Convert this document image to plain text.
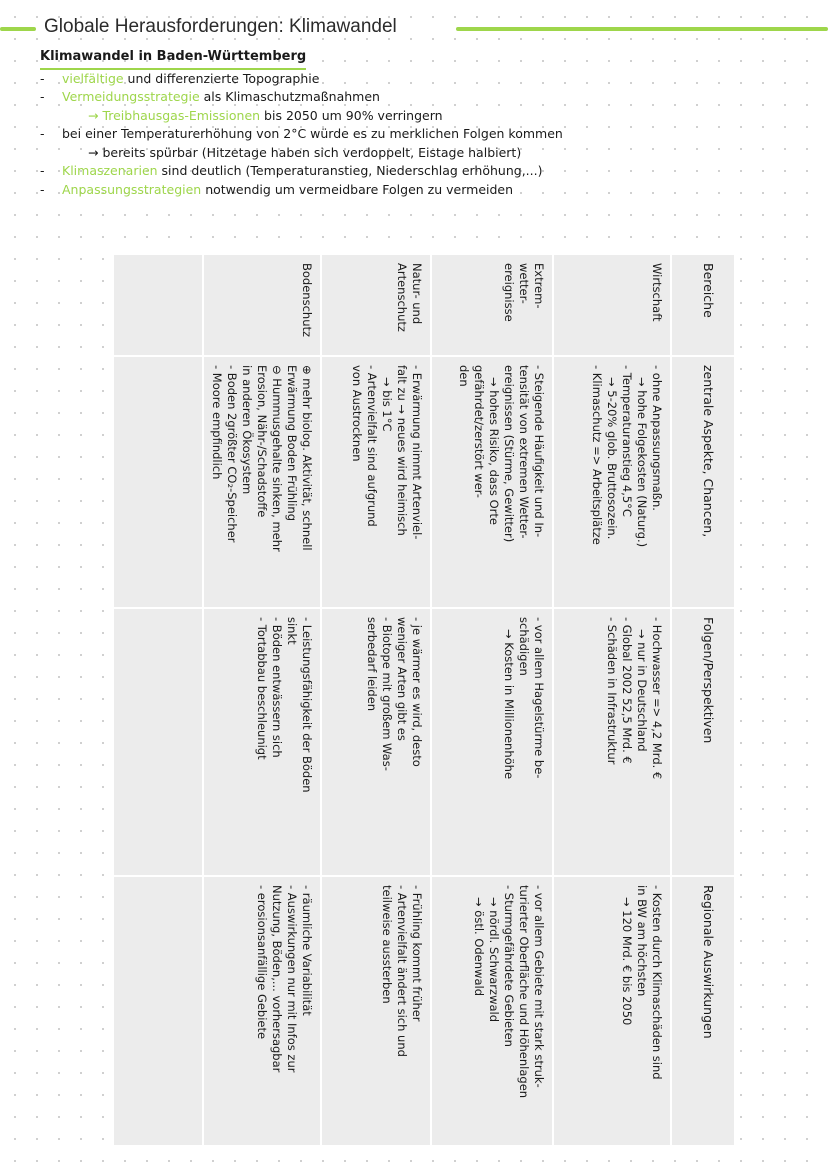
Globale Herausforderungen: Klimawandel
Klimawandel in Baden-Württemberg
- vielfältige und differenzierte Topographie
- Vermeidungsstrategie als Klimaschutzmaßnahmen
→ Treibhausgas-Emissionen bis 2050 um 90% verringern
- bei einer Temperaturerhöhung von 2°C würde es zu merklichen Folgen kommen
→ bereits spürbar (Hitzetage haben sich verdoppelt, Eistage halbiert)
- Klimaszenarien sind deutlich (Temperaturanstieg, Niederschlag erhöhung,...)
- Anpassungsstrategien notwendig um vermeidbare Folgen zu vermeiden
Bereiche
zentrale Aspekte, Chancen,
Folgen/Perspektiven
Regionale Auswirkungen
Wirtschaft

- ohne Anpassungsmaßn.

→ hohe Folgekosten (Naturg.)

- Temperaturanstieg 4,5°C

→ 5-20% glob. Bruttosozein.

- Klimaschutz => Arbeitsplätze

- Hochwasser => 4,2 Mrd. €

→ nur in Deutschland

- Global 2002 52,5 Mrd. €

- Schäden in Infrastruktur

- Kosten durch Klimaschäden sind

in BW am höchsten

→ 120 Mrd. € bis 2050

Extrem-wetter-ereignisse

- Steigende Häufigkeit und In-

tensität von extremen Wetter-

ereignissen (Stürme, Gewitter)

→ hohes Risiko, dass Orte

gefährdet/zerstört wer-

den

- vor allem Hagelstürme be-

schädigen

→ Kosten in Millionenhöhe

- vor allem Gebiete mit stark struk-

turierter Oberfläche und Höhenlagen

- Sturmgefährdete Gebieten

→ nördl. Schwarzwald

→ östl. Odenwald

Natur- und Artenschutz

- Erwärmung nimmt Artenviel-

falt zu → neues wird heimisch

→ bis 1°C

- Artenvielfalt sind aufgrund

von Austrocknen

- je wärmer es wird, desto

weniger Arten gibt es

- Biotope mit großem Was-

serbedarf leiden

- Frühling kommt früher

- Artenvielfalt ändert sich und

teilweise aussterben

Bodenschutz

⊕ mehr biolog. Aktivität, schnell

Erwärmung Boden Frühling

⊖ Hummusgehalte sinken, mehr

Erosion, Nähr-/Schadstoffe

in anderen Ökosystem

- Boden 2größter CO₂-Speicher

- Moore empfindlich

- Leistungsfähigkeit der Böden

sinkt

- Böden entwässern sich

- Tortabbau beschleunigt

- räumliche Variabilität

- Auswirkungen nur mit Infos zur

Nutzung, Böden,... vorhersagbar

- erosionsanfällige Gebiete
